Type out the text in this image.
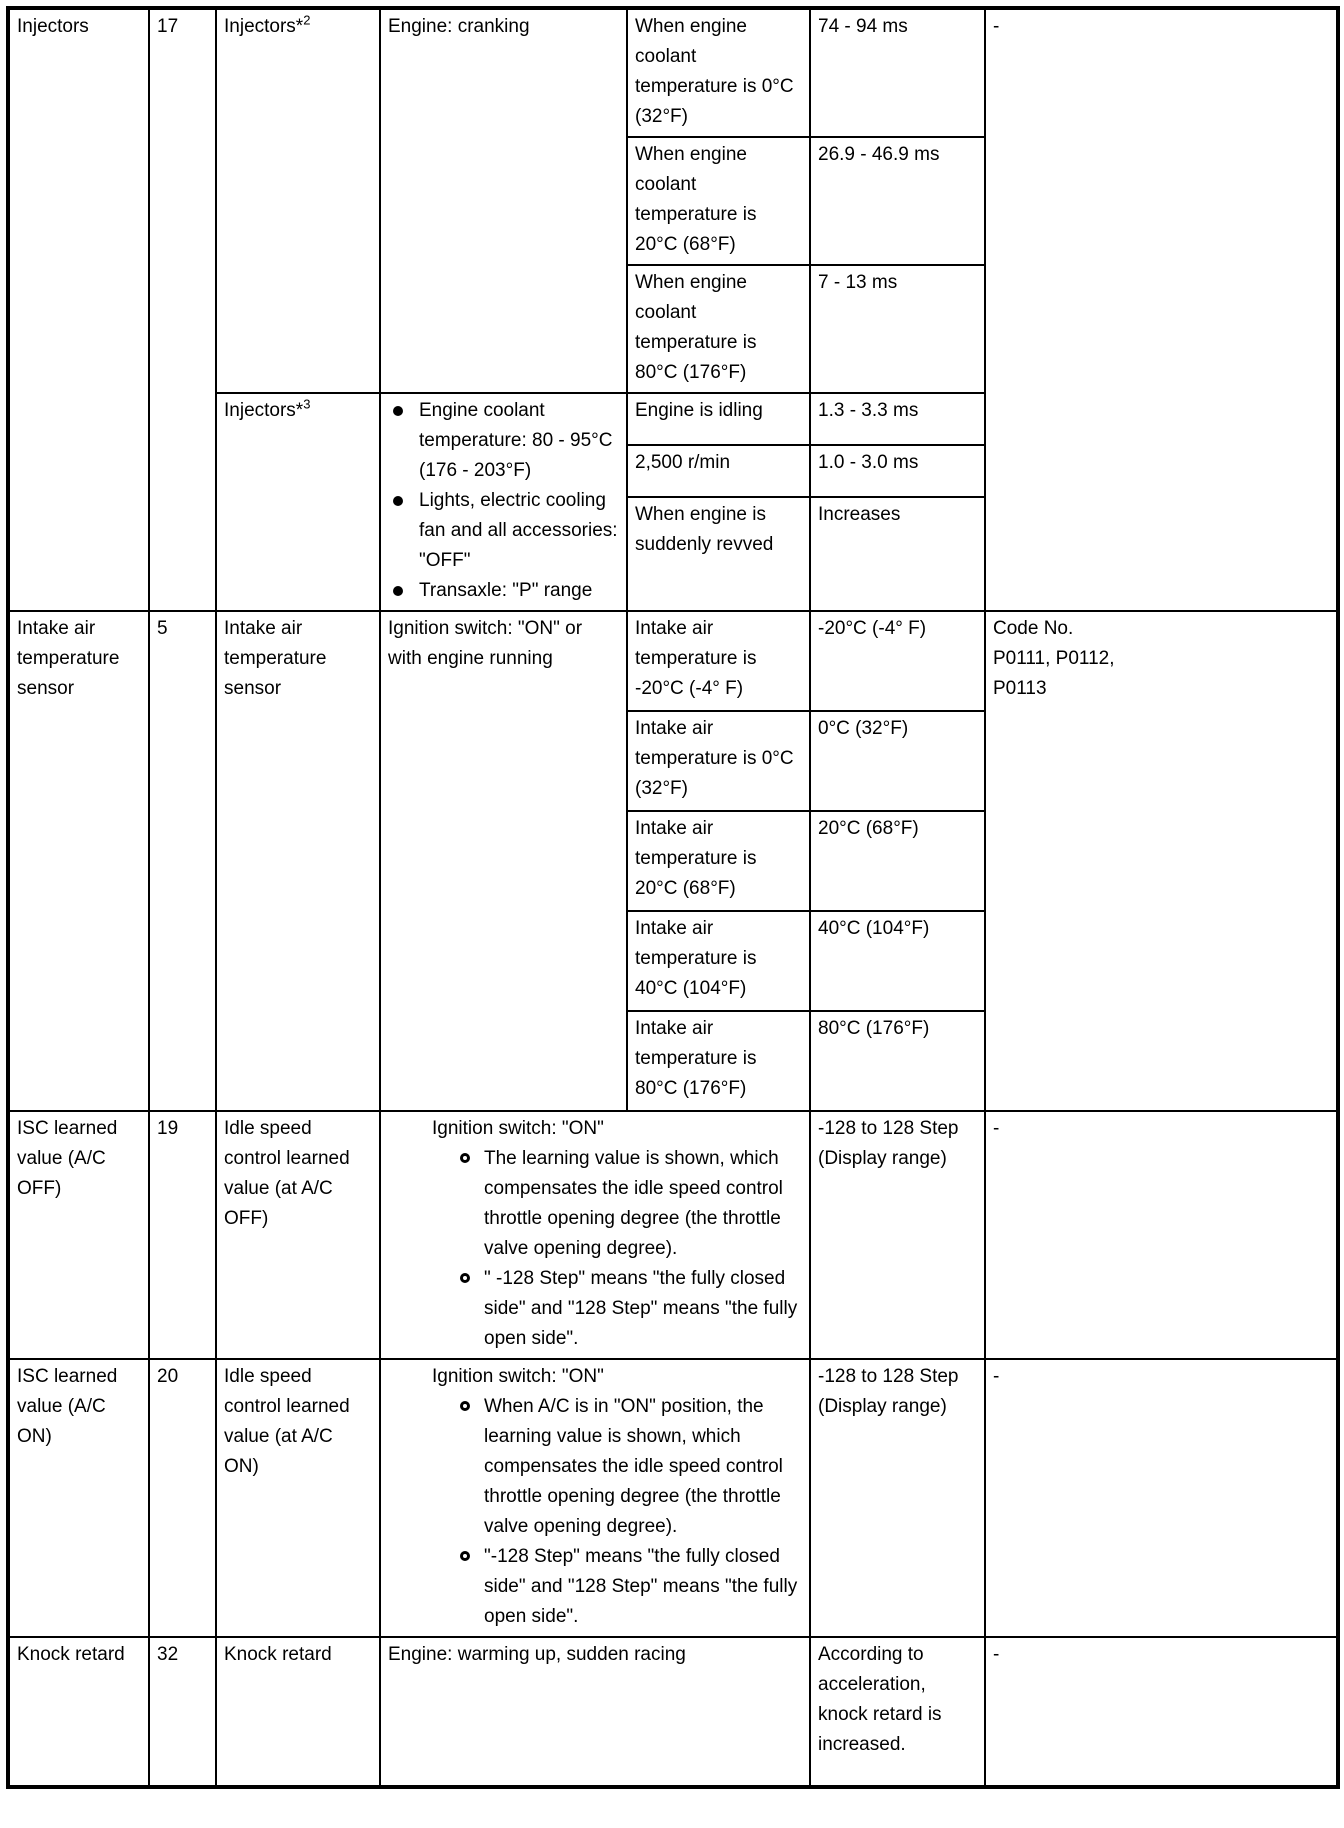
Injectors	17	Injectors*$^2$	Engine: cranking	When engine coolant temperature is 0°C (32°F)	74 - 94 ms	-
				When engine coolant temperature is 20°C (68°F)	26.9 - 46.9 ms	
				When engine coolant temperature is 80°C (176°F)	7 - 13 ms	
		Injectors*$^3$	Engine coolant temperature: 80 - 95°C (176 - 203°F)
Lights, electric cooling fan and all accessories: "OFF"
Transaxle: "P" range	Engine is idling	1.3 - 3.3 ms	
				2,500 r/min	1.0 - 3.0 ms	
				When engine is suddenly revved	Increases	
Intake air temperature sensor	5	Intake air temperature sensor	Ignition switch: "ON" or with engine running	Intake air temperature is -20°C (-4° F)	-20°C (-4° F)	Code No.
P0111, P0112,
P0113

				Intake air temperature is 0°C (32°F)	0°C (32°F)	
				Intake air temperature is 20°C (68°F)	20°C (68°F)	
				Intake air temperature is 40°C (104°F)	40°C (104°F)	
				Intake air temperature is 80°C (176°F)	80°C (176°F)	
ISC learned value (A/C OFF)	19	Idle speed control learned value (at A/C OFF)	Ignition switch: "ON"
The learning value is shown, which compensates the idle speed control throttle opening degree (the throttle valve opening degree).
" -128 Step" means "the fully closed side" and "128 Step" means "the fully open side".		-128 to 128 Step (Display range)	-
ISC learned value (A/C ON)	20	Idle speed control learned value (at A/C ON)	Ignition switch: "ON"
When A/C is in "ON" position, the learning value is shown, which compensates the idle speed control throttle opening degree (the throttle valve opening degree).
"-128 Step" means "the fully closed side" and "128 Step" means "the fully open side".		-128 to 128 Step (Display range)	-
Knock retard	32	Knock retard	Engine: warming up, sudden racing		According to acceleration, knock retard is increased.	-
